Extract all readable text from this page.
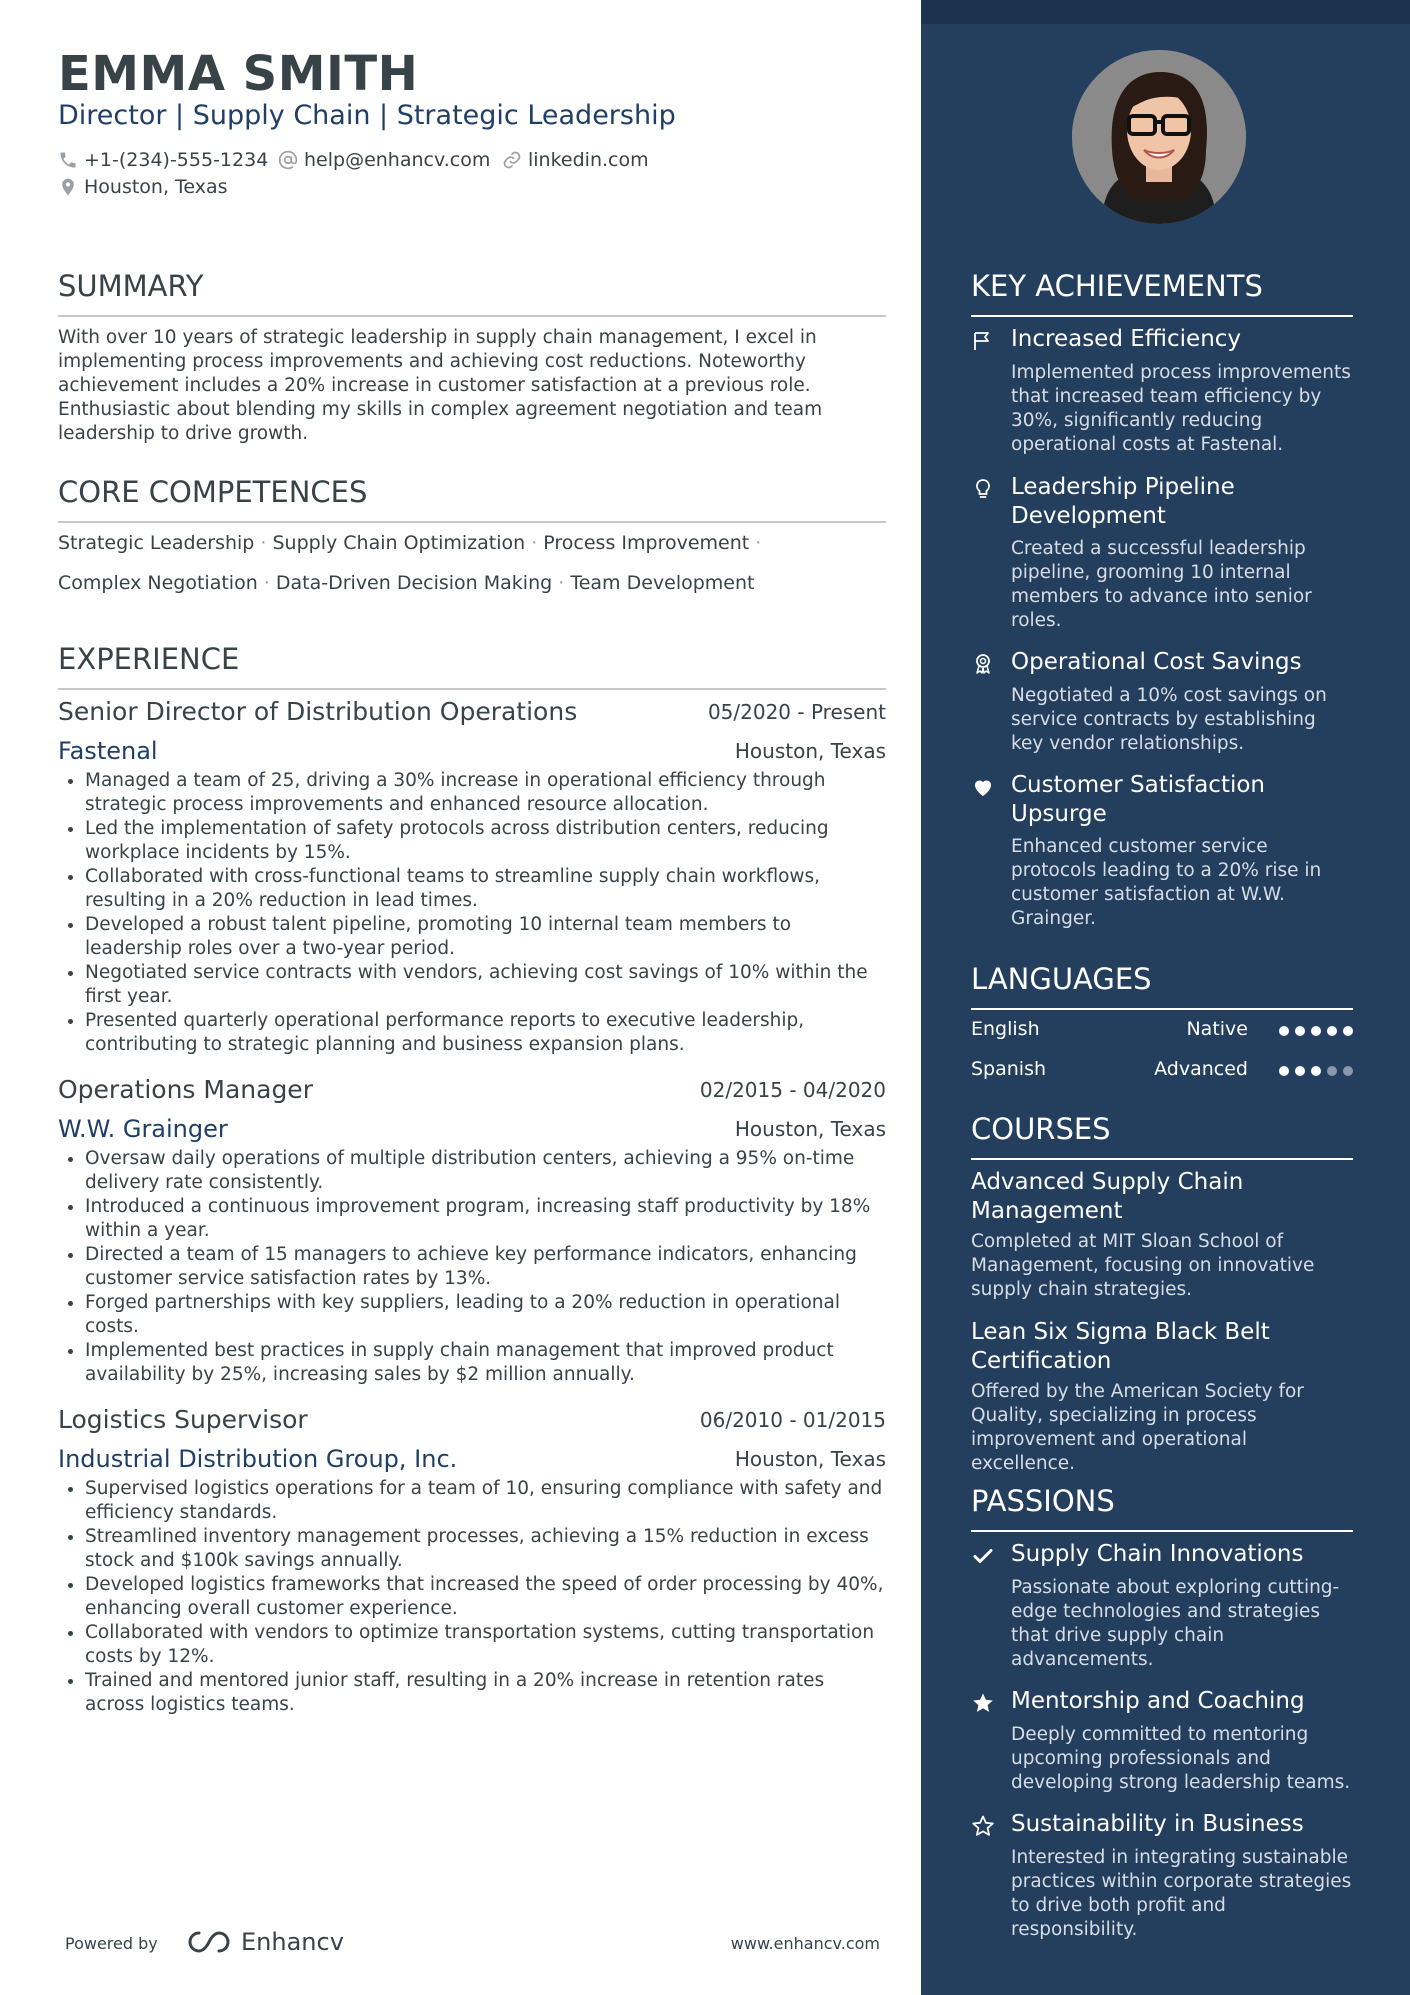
EMMA SMITH
Director | Supply Chain | Strategic Leadership
+1-(234)-555-1234 help@enhancv.com linkedin.com
Houston, Texas
SUMMARY
With over 10 years of strategic leadership in supply chain management, I excel in implementing process improvements and achieving cost reductions. Noteworthy achievement includes a 20% increase in customer satisfaction at a previous role. Enthusiastic about blending my skills in complex agreement negotiation and team leadership to drive growth.
CORE COMPETENCES
Strategic Leadership · Supply Chain Optimization · Process Improvement ·
Complex Negotiation · Data-Driven Decision Making · Team Development
EXPERIENCE
Senior Director of Distribution Operations	05/2020 - Present
Fastenal	Houston, Texas
• Managed a team of 25, driving a 30% increase in operational efficiency through strategic process improvements and enhanced resource allocation.
• Led the implementation of safety protocols across distribution centers, reducing workplace incidents by 15%.
• Collaborated with cross-functional teams to streamline supply chain workflows, resulting in a 20% reduction in lead times.
• Developed a robust talent pipeline, promoting 10 internal team members to leadership roles over a two-year period.
• Negotiated service contracts with vendors, achieving cost savings of 10% within the first year.
• Presented quarterly operational performance reports to executive leadership, contributing to strategic planning and business expansion plans.
Operations Manager	02/2015 - 04/2020
W.W. Grainger	Houston, Texas
• Oversaw daily operations of multiple distribution centers, achieving a 95% on-time delivery rate consistently.
• Introduced a continuous improvement program, increasing staff productivity by 18% within a year.
• Directed a team of 15 managers to achieve key performance indicators, enhancing customer service satisfaction rates by 13%.
• Forged partnerships with key suppliers, leading to a 20% reduction in operational costs.
• Implemented best practices in supply chain management that improved product availability by 25%, increasing sales by $2 million annually.
Logistics Supervisor	06/2010 - 01/2015
Industrial Distribution Group, Inc.	Houston, Texas
• Supervised logistics operations for a team of 10, ensuring compliance with safety and efficiency standards.
• Streamlined inventory management processes, achieving a 15% reduction in excess stock and $100k savings annually.
• Developed logistics frameworks that increased the speed of order processing by 40%, enhancing overall customer experience.
• Collaborated with vendors to optimize transportation systems, cutting transportation costs by 12%.
• Trained and mentored junior staff, resulting in a 20% increase in retention rates across logistics teams.
Powered by	Enhancv	www.enhancv.com
KEY ACHIEVEMENTS
Increased Efficiency
Implemented process improvements that increased team efficiency by 30%, significantly reducing operational costs at Fastenal.
Leadership Pipeline Development
Created a successful leadership pipeline, grooming 10 internal members to advance into senior roles.
Operational Cost Savings
Negotiated a 10% cost savings on service contracts by establishing key vendor relationships.
Customer Satisfaction Upsurge
Enhanced customer service protocols leading to a 20% rise in customer satisfaction at W.W. Grainger.
LANGUAGES
English	Native
Spanish	Advanced
COURSES
Advanced Supply Chain Management
Completed at MIT Sloan School of Management, focusing on innovative supply chain strategies.
Lean Six Sigma Black Belt Certification
Offered by the American Society for Quality, specializing in process improvement and operational excellence.
PASSIONS
Supply Chain Innovations
Passionate about exploring cutting-edge technologies and strategies that drive supply chain advancements.
Mentorship and Coaching
Deeply committed to mentoring upcoming professionals and developing strong leadership teams.
Sustainability in Business
Interested in integrating sustainable practices within corporate strategies to drive both profit and responsibility.
